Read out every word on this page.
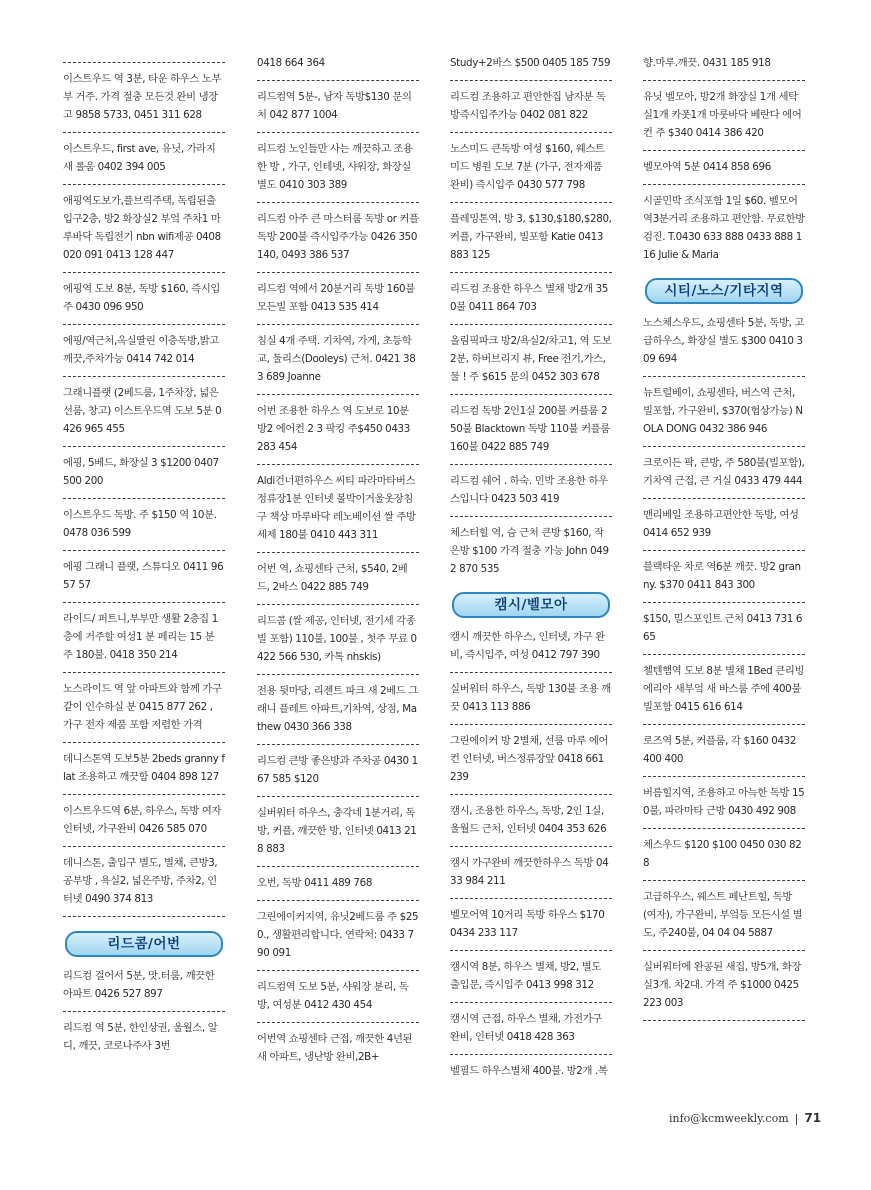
이스트우드 역 3분, 타운 하우스 노부부 거주. 가격 절충 모든것 완비 냉장고 9858 5733, 0451 311 628
이스트우드, first ave, 유닛, 가라지 새 롤움 0402 394 005
애핑역도보가,플브릭주택, 독립된출입구2층, 방2 화장실2 부엌 주차1 마루바닥 독립전기 nbn wifi제공 0408 020 091 0413 128 447
에핑역 도보 8분, 독방 $160, 즉시입주 0430 096 950
에핑/역근처,옥실딸린 이층독방,밝고 깨끗,주차가능 0414 742 014
그래니플랫 (2베드룸, 1주차장, 넓은 선룸, 창고) 이스트우드역 도보 5분 0426 965 455
에핑, 5베드, 화장실 3 $1200 0407 500 200
이스트우드 독방. 주 $150 역 10분. 0478 036 599
에핑 그래니 플랫, 스튜디오 0411 96 57 57
라이드/ 퍼트니,부부만 생활 2층집 1층에 거주할 여성1 분 페리는 15 분 주 180불. 0418 350 214
노스라이드 역 앞 아파트와 함께 가구 같이 인수하실 분 0415 877 262 , 가구 전자 제품 포함 저렴한 가격
데니스톤역 도보5분 2beds granny flat 조용하고 깨끗함 0404 898 127
이스트우드역 6분, 하우스, 독방 여자 인터넷, 가구완비 0426 585 070
데니스톤, 출입구 별도, 별채, 큰방3, 공부방 , 욕실2, 넓은주방, 주차2, 인터넷 0490 374 813
리드콤/어번
리드컴 걸어서 5분, 맛.터룸, 깨끗한 아파트 0426 527 897
리드컴 역 5분, 한인상권, 울월스, 알디, 깨끗, 코로나주사 3번
0418 664 364
리드컴역 5분-, 남자 독방$130 문의처 042 877 1004
리드컴 노인들만 사는 깨끗하고 조용한 방 , 가구, 인테넷, 샤워장, 화장실 별도 0410 303 389
리드컴 아주 큰 마스터룸 독방 or 커플 독방 200불 즉시입주가능 0426 350 140, 0493 386 537
리드컴 역에서 20분거리 독방 160불 모든빌 포함 0413 535 414
침실 4개 주택. 기차역, 가게, 초등학교, 둘리스(Dooleys) 근처. 0421 383 689 Joanne
어번 조용한 하우스 역 도보로 10분 방2 에어컨 2 3 팍킹 주$450 0433 283 454
Aldi건너편하우스 씨티 파라마타버스정류장1분 인터넷 볼박이거울옷장침구 책상 마루바닥 레노베이션 쌀 주방세제 180불 0410 443 311
어번 역, 쇼핑센타 근처, $540, 2베드, 2바스 0422 885 749
리드콤 (쌀 제공, 인터넷, 전기세 각종 빌 포함) 110불, 100불 , 첫주 무료 0422 566 530, 카톡 nhskis)
전용 뒷마당, 리젠트 파크 새 2베드 그래니 플레트 아파트,기차역, 상점, Mathew 0430 366 338
리드컴 큰방 좋은방과 주차공 0430 167 585 $120
실버워터 하우스, 충각네 1분거리, 독방, 커플, 깨끗한 방, 인터넷 0413 218 883
오번, 독방 0411 489 768
그린에이커지역, 유닛2베드룸 주 $250., 생활편리합니다. 연락처: 0433 790 091
리드컴역 도보 5분, 샤워장 분리, 독방, 여성분 0412 430 454
어번역 쇼핑센타 근접, 깨끗한 4년된 새 아파트, 냉난방 완비,2B+
Study+2바스 $500 0405 185 759
리드컴 조용하고 편안한집 남자분 독방즉시입주가능 0402 081 822
노스미드 큰독방 여성 $160, 웨스트미드 병원 도보 7분 (가구, 전자제품 완비) 즉시입주 0430 577 798
플레밍톤역, 방 3, $130,$180,$280, 커플, 가구완비, 빌포함 Katie 0413 883 125
리드컴 조용한 하우스 별채 방2개 350불 0411 864 703
올림픽파크 방2/욕실2/차고1, 역 도보2분, 하버브리지 뷰, Free 전기,가스,물 ! 주 $615 문의 0452 303 678
리드컴 독방 2인1실 200불 커플룸 250불 Blacktown 독방 110불 커플룸 160불 0422 885 749
리드컴 쉐어 . 하숙. 민박 조용한 하우스입니다 0423 503 419
체스터힐 역, 슴 근처 큰방 $160, 작은방 $100 가격 절충 가능 John 0492 870 535
캠시/벨모아
캠시 깨끗한 하우스, 인터넷, 가구 완비, 즉시입주, 여성 0412 797 390
실버워터 하우스, 독방 130불 조용 깨끗 0413 113 886
그린에이커 방 2별채, 선룸 마루 에어컨 인터넷, 버스정류장앞 0418 661 239
캠시, 조용한 하우스, 독방, 2인 1실, 울월드 근처, 인터넷 0404 353 626
캠시 가구완비 깨끗한하우스 독방 0433 984 211
벨모어역 10거리 독방 하우스 $170 0434 233 117
캠시역 8분, 하우스 별채, 방2, 별도 출입문, 즉시입주 0413 998 312
캠시역 근접, 하우스 별채, 가전가구 완비, 인터넷 0418 428 363
벨필드 하우스별채 400불. 방2개 .복
향.마루.깨끗. 0431 185 918
유닛 벨모아, 방2개 화장실 1개 세탁실1개 카폿1개 마룻바닥 베란다 에어컨 주 $340 0414 386 420
벨모아역 5분 0414 858 696
시골민박 조식포함 1일 $60. 벨모어역3분거리 조용하고 편안함. 무료한방검진. T.0430 633 888 0433 888 116 Julie & Maria
시티/노스/기타지역
노스체스우드, 쇼핑센타 5분, 독방, 고급하우스, 화장실 별도 $300 0410 309 694
뉴트럴베이, 쇼핑센타, 버스역 근처, 빌포함, 가구완비, $370(협상가능) NOLA DONG 0432 386 946
크로이든 팍, 큰방, 주 580불(빌포함), 기차역 근접, 큰 거실 0433 479 444
맨리베일 조용하고편안한 독방, 여성 0414 652 939
블랙타운 차로 역6분 깨끗. 방2 granny. $370 0411 843 300
$150, 밀스포인트 근처 0413 731 665
첼텐햄역 도보 8분 별채 1Bed 큰리빙 에리아 새부엌 새 바스룸 주에 400불 빌포함 0415 616 614
로즈역 5분, 커플룸, 각 $160 0432 400 400
버름힐지역, 조용하고 아늑한 독방 150불, 파라마타 근방 0430 492 908
체스우드 $120 $100 0450 030 828
고급하우스, 웨스트 페난트힐, 독방(여자), 가구완비, 부엌등 모든시설 별도, 주240불, 04 04 04 5887
실버워터에 완공된 새집, 방5개, 화장실3개. 차2대. 가격 주 $1000 0425 223 003
info@kcmweekly.com | 71
